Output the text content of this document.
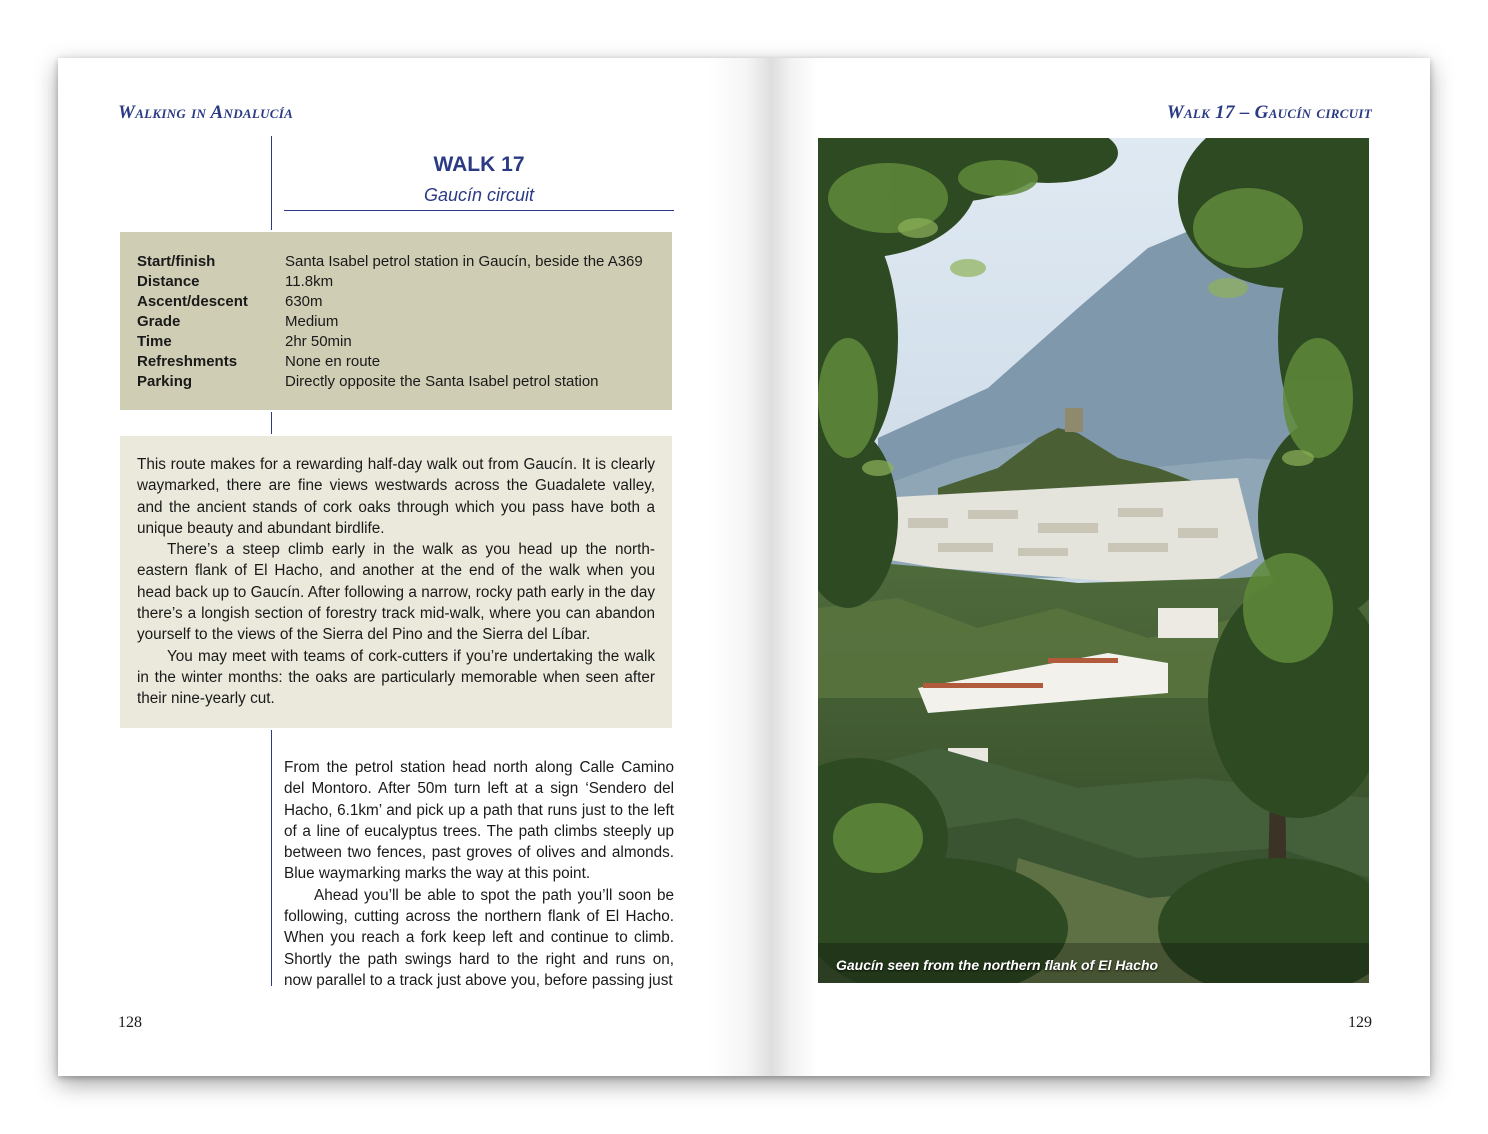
Walking in Andalucía
WALK 17
Gaucín circuit
Start/finish	Santa Isabel petrol station in Gaucín, beside the A369
Distance	11.8km
Ascent/descent 630m
Grade	Medium
Time	2hr 50min
Refreshments	None en route
Parking	Directly opposite the Santa Isabel petrol station

This route makes for a rewarding half-day walk out from Gaucín. It is clearly waymarked, there are fine views westwards across the Guadalete valley, and the ancient stands of cork oaks through which you pass have both a unique beauty and abundant birdlife.

There’s a steep climb early in the walk as you head up the north-eastern flank of El Hacho, and another at the end of the walk when you head back up to Gaucín. After following a narrow, rocky path early in the day there’s a longish section of forestry track mid-walk, where you can abandon yourself to the views of the Sierra del Pino and the Sierra del Líbar.

You may meet with teams of cork-cutters if you’re undertaking the walk in the winter months: the oaks are particularly memorable when seen after their nine-yearly cut.

From the petrol station head north along Calle Camino del Montoro. After 50m turn left at a sign ‘Sendero del Hacho, 6.1km’ and pick up a path that runs just to the left of a line of eucalyptus trees. The path climbs steeply up between two fences, past groves of olives and almonds. Blue waymarking marks the way at this point.

Ahead you’ll be able to spot the path you’ll soon be following, cutting across the northern flank of El Hacho. When you reach a fork keep left and continue to climb. Shortly the path swings hard to the right and runs on, now parallel to a track just above you, before passing just

128
Walk 17 – Gaucín circuit
Gaucín seen from the northern flank of El Hacho
129
